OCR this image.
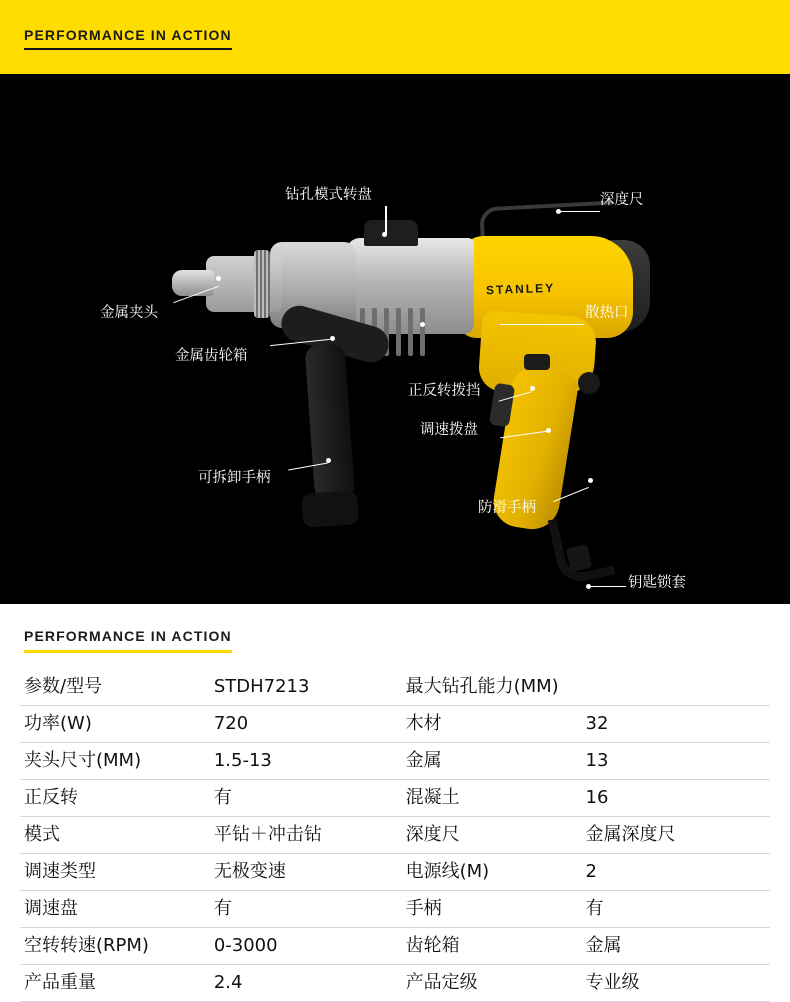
PERFORMANCE IN ACTION
STANLEY
钻孔模式转盘	深度尺
金属夹头	散热口
金属齿轮箱
正反转拨挡
调速拨盘
可拆卸手柄
防滑手柄
钥匙锁套
PERFORMANCE IN ACTION
参数/型号	STDH7213	最大钻孔能力(MM)	
功率(W)	720	木材	32
夹头尺寸(MM)	1.5-13	金属	13
正反转	有	混凝土	16
模式	平钻＋冲击钻	深度尺	金属深度尺
调速类型	无极变速	电源线(M)	2
调速盘	有	手柄	有
空转转速(RPM)	0-3000	齿轮箱	金属
产品重量	2.4	产品定级	专业级
